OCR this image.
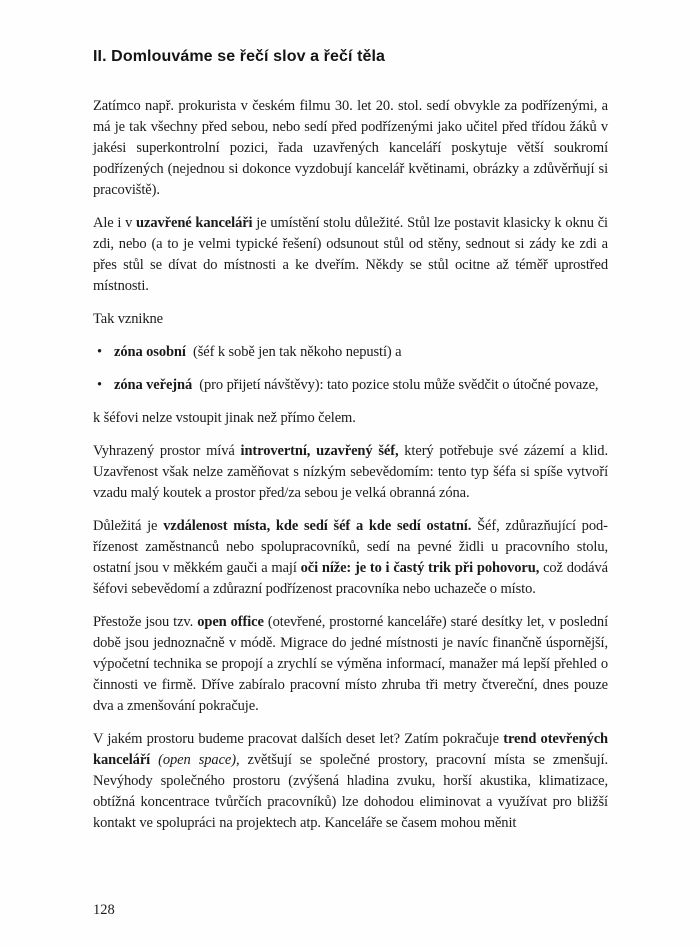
II. Domlouváme se řečí slov a řečí těla

Zatímco např. prokurista v českém filmu 30. let 20. stol. sedí obvykle za podřízenými, a má je tak všechny před sebou, nebo sedí před podřízenými jako učitel před třídou žáků v jakési superkontrolní pozici, řada uzavřených kanceláří poskytuje větší soukromí podřízených (nejednou si dokonce vyzdobují kancelář květinami, obrázky a zdůvěrňují si pracoviště).

Ale i v uzavřené kanceláři je umístění stolu důležité. Stůl lze postavit klasicky k oknu či zdi, nebo (a to je velmi typické řešení) odsunout stůl od stěny, sednout si zády ke zdi a přes stůl se dívat do místnosti a ke dveřím. Někdy se stůl ocitne až téměř uprostřed místnosti.

Tak vznikne

• zóna osobní (šéf k sobě jen tak někoho nepustí) a
• zóna veřejná (pro přijetí návštěvy): tato pozice stolu může svědčit o útočné povaze,

k šéfovi nelze vstoupit jinak než přímo čelem.

Vyhrazený prostor mívá introvertní, uzavřený šéf, který potřebuje své zázemí a klid. Uzavřenost však nelze zaměňovat s nízkým sebevědomím: tento typ šéfa si spíše vytvoří vzadu malý koutek a prostor před/za sebou je velká obranná zóna.

Důležitá je vzdálenost místa, kde sedí šéf a kde sedí ostatní. Šéf, zdůrazňující podřízenost zaměstnanců nebo spolupracovníků, sedí na pevné židli u pracovního stolu, ostatní jsou v měkkém gauči a mají oči níže: je to i častý trik při pohovoru, což dodává šéfovi sebevědomí a zdůrazní podřízenost pracovníka nebo uchazeče o místo.

Přestože jsou tzv. open office (otevřené, prostorné kanceláře) staré desítky let, v poslední době jsou jednoznačně v módě. Migrace do jedné místnosti je navíc finančně úspornější, výpočetní technika se propojí a zrychlí se výměna informací, manažer má lepší přehled o činnosti ve firmě. Dříve zabíralo pracovní místo zhruba tři metry čtvereční, dnes pouze dva a zmenšování pokračuje.

V jakém prostoru budeme pracovat dalších deset let? Zatím pokračuje trend otevřených kanceláří (open space), zvětšují se společné prostory, pracovní místa se zmenšují. Nevýhody společného prostoru (zvýšená hladina zvuku, horší akustika, klimatizace, obtížná koncentrace tvůrčích pracovníků) lze dohodou eliminovat a využívat pro bližší kontakt ve spolupráci na projektech atp. Kanceláře se časem mohou měnit

128
